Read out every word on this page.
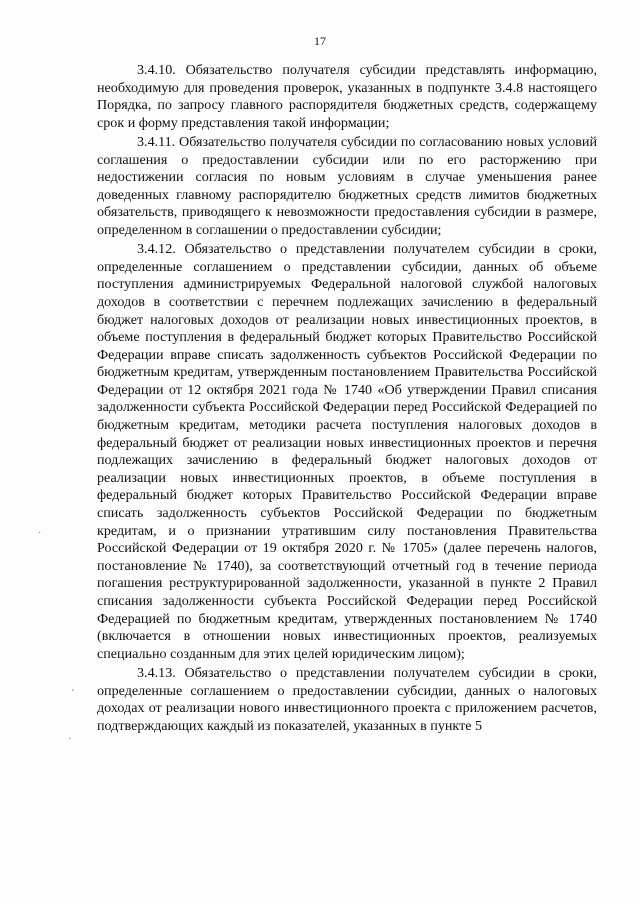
17

3.4.10. Обязательство получателя субсидии представлять информацию, необходимую для проведения проверок, указанных в подпункте 3.4.8 настоящего Порядка, по запросу главного распорядителя бюджетных средств, содержащему срок и форму представления такой информации;

3.4.11. Обязательство получателя субсидии по согласованию новых условий соглашения о предоставлении субсидии или по его расторжению при недостижении согласия по новым условиям в случае уменьшения ранее доведенных главному распорядителю бюджетных средств лимитов бюджетных обязательств, приводящего к невозможности предоставления субсидии в размере, определенном в соглашении о предоставлении субсидии;

3.4.12. Обязательство о представлении получателем субсидии в сроки, определенные соглашением о представлении субсидии, данных об объеме поступления администрируемых Федеральной налоговой службой налоговых доходов в соответствии с перечнем подлежащих зачислению в федеральный бюджет налоговых доходов от реализации новых инвестиционных проектов, в объеме поступления в федеральный бюджет которых Правительство Российской Федерации вправе списать задолженность субъектов Российской Федерации по бюджетным кредитам, утвержденным постановлением Правительства Российской Федерации от 12 октября 2021 года № 1740 «Об утверждении Правил списания задолженности субъекта Российской Федерации перед Российской Федерацией по бюджетным кредитам, методики расчета поступления налоговых доходов в федеральный бюджет от реализации новых инвестиционных проектов и перечня подлежащих зачислению в федеральный бюджет налоговых доходов от реализации новых инвестиционных проектов, в объеме поступления в федеральный бюджет которых Правительство Российской Федерации вправе списать задолженность субъектов Российской Федерации по бюджетным кредитам, и о признании утратившим силу постановления Правительства Российской Федерации от 19 октября 2020 г. № 1705» (далее перечень налогов, постановление № 1740), за соответствующий отчетный год в течение периода погашения реструктурированной задолженности, указанной в пункте 2 Правил списания задолженности субъекта Российской Федерации перед Российской Федерацией по бюджетным кредитам, утвержденных постановлением № 1740 (включается в отношении новых инвестиционных проектов, реализуемых специально созданным для этих целей юридическим лицом);

3.4.13. Обязательство о представлении получателем субсидии в сроки, определенные соглашением о предоставлении субсидии, данных о налоговых доходах от реализации нового инвестиционного проекта с приложением расчетов, подтверждающих каждый из показателей, указанных в пункте 5

·
'
·
